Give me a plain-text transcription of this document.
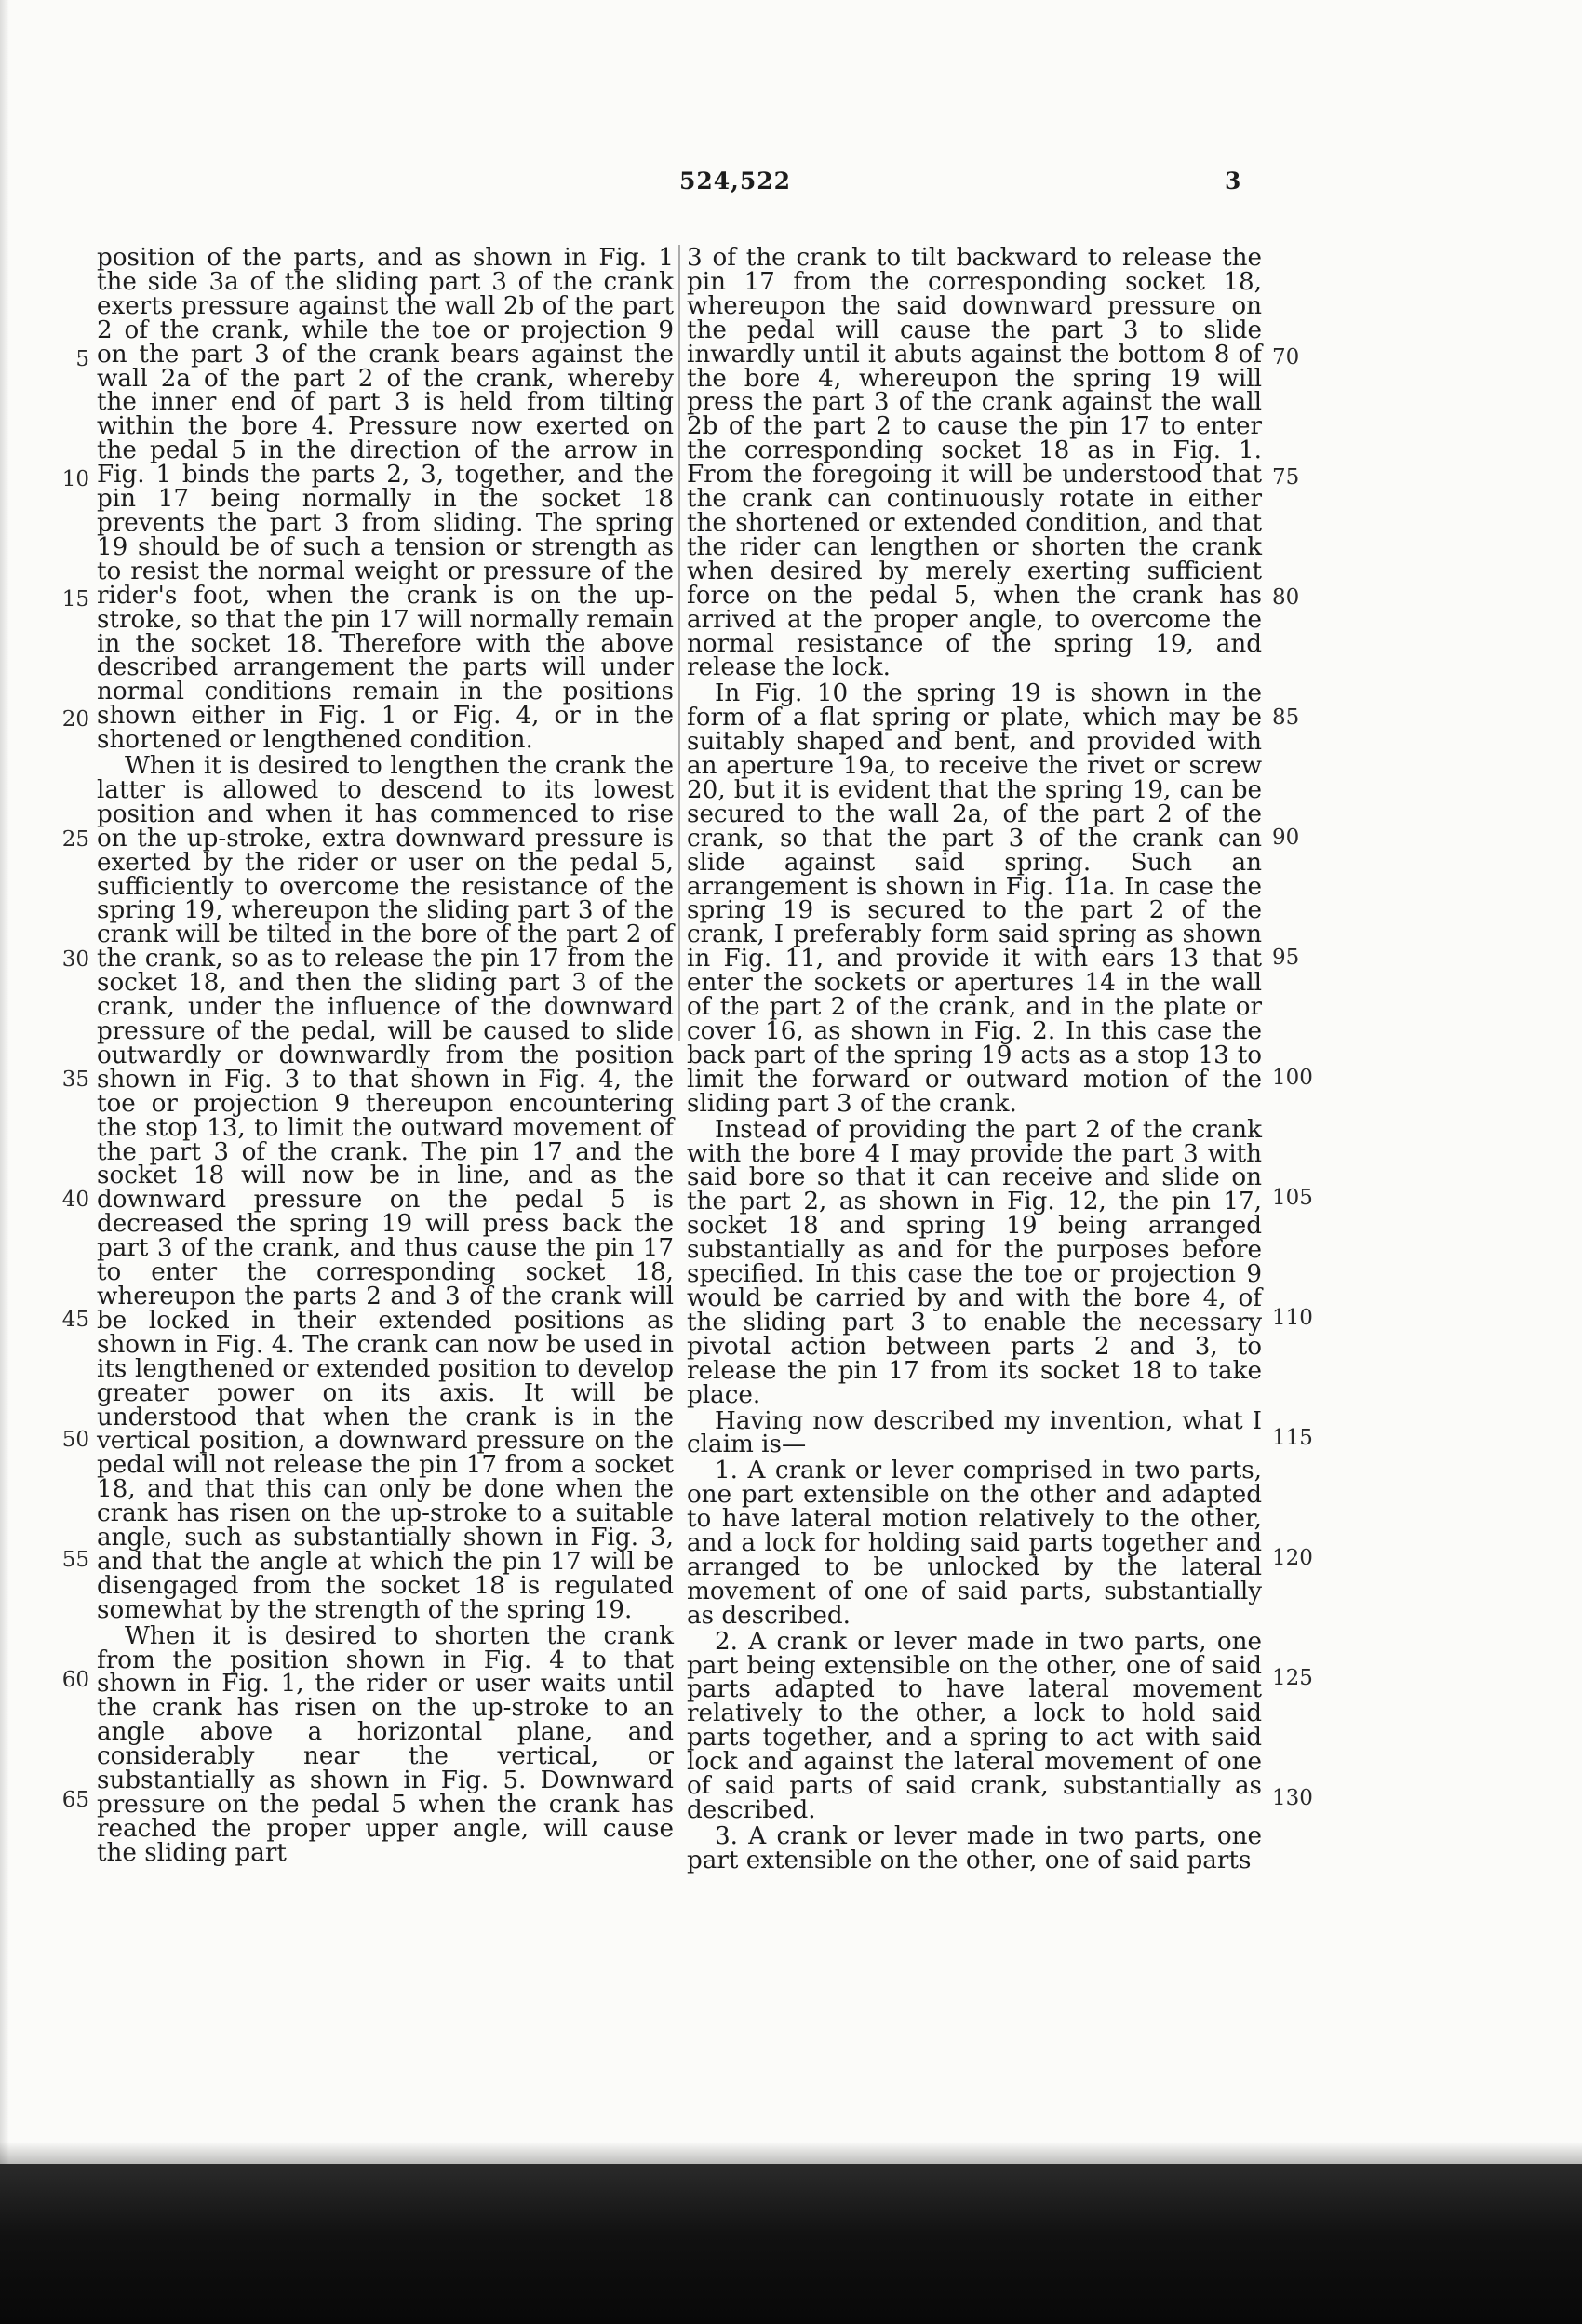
524,522	3

position of the parts, and as shown in Fig. 1 the side 3a of the sliding part 3 of the crank exerts pressure against the wall 2b of the part 2 of the crank, while the toe or projection 9 on the part 3 of the crank bears against the wall 2a of the part 2 of the crank, whereby the inner end of part 3 is held from tilting within the bore 4. Pressure now exerted on the pedal 5 in the direction of the arrow in Fig. 1 binds the parts 2, 3, together, and the pin 17 being normally in the socket 18 prevents the part 3 from sliding. The spring 19 should be of such a tension or strength as to resist the normal weight or pressure of the rider's foot, when the crank is on the up-stroke, so that the pin 17 will normally remain in the socket 18. Therefore with the above described arrangement the parts will under normal conditions remain in the positions shown either in Fig. 1 or Fig. 4, or in the shortened or lengthened condition.

When it is desired to lengthen the crank the latter is allowed to descend to its lowest position and when it has commenced to rise on the up-stroke, extra downward pressure is exerted by the rider or user on the pedal 5, sufficiently to overcome the resistance of the spring 19, whereupon the sliding part 3 of the crank will be tilted in the bore of the part 2 of the crank, so as to release the pin 17 from the socket 18, and then the sliding part 3 of the crank, under the influence of the downward pressure of the pedal, will be caused to slide outwardly or downwardly from the position shown in Fig. 3 to that shown in Fig. 4, the toe or projection 9 thereupon encountering the stop 13, to limit the outward movement of the part 3 of the crank. The pin 17 and the socket 18 will now be in line, and as the downward pressure on the pedal 5 is decreased the spring 19 will press back the part 3 of the crank, and thus cause the pin 17 to enter the corresponding socket 18, whereupon the parts 2 and 3 of the crank will be locked in their extended positions as shown in Fig. 4. The crank can now be used in its lengthened or extended position to develop greater power on its axis. It will be understood that when the crank is in the vertical position, a downward pressure on the pedal will not release the pin 17 from a socket 18, and that this can only be done when the crank has risen on the up-stroke to a suitable angle, such as substantially shown in Fig. 3, and that the angle at which the pin 17 will be disengaged from the socket 18 is regulated somewhat by the strength of the spring 19.

When it is desired to shorten the crank from the position shown in Fig. 4 to that shown in Fig. 1, the rider or user waits until the crank has risen on the up-stroke to an angle above a horizontal plane, and considerably near the vertical, or substantially as shown in Fig. 5. Downward pressure on the pedal 5 when the crank has reached the proper upper angle, will cause the sliding part

3 of the crank to tilt backward to release the pin 17 from the corresponding socket 18, whereupon the said downward pressure on the pedal will cause the part 3 to slide inwardly until it abuts against the bottom 8 of the bore 4, whereupon the spring 19 will press the part 3 of the crank against the wall 2b of the part 2 to cause the pin 17 to enter the corresponding socket 18 as in Fig. 1. From the foregoing it will be understood that the crank can continuously rotate in either the shortened or extended condition, and that the rider can lengthen or shorten the crank when desired by merely exerting sufficient force on the pedal 5, when the crank has arrived at the proper angle, to overcome the normal resistance of the spring 19, and release the lock.

In Fig. 10 the spring 19 is shown in the form of a flat spring or plate, which may be suitably shaped and bent, and provided with an aperture 19a, to receive the rivet or screw 20, but it is evident that the spring 19, can be secured to the wall 2a, of the part 2 of the crank, so that the part 3 of the crank can slide against said spring. Such an arrangement is shown in Fig. 11a. In case the spring 19 is secured to the part 2 of the crank, I preferably form said spring as shown in Fig. 11, and provide it with ears 13 that enter the sockets or apertures 14 in the wall of the part 2 of the crank, and in the plate or cover 16, as shown in Fig. 2. In this case the back part of the spring 19 acts as a stop 13 to limit the forward or outward motion of the sliding part 3 of the crank.

Instead of providing the part 2 of the crank with the bore 4 I may provide the part 3 with said bore so that it can receive and slide on the part 2, as shown in Fig. 12, the pin 17, socket 18 and spring 19 being arranged substantially as and for the purposes before specified. In this case the toe or projection 9 would be carried by and with the bore 4, of the sliding part 3 to enable the necessary pivotal action between parts 2 and 3, to release the pin 17 from its socket 18 to take place.

Having now described my invention, what I claim is—

1. A crank or lever comprised in two parts, one part extensible on the other and adapted to have lateral motion relatively to the other, and a lock for holding said parts together and arranged to be unlocked by the lateral movement of one of said parts, substantially as described.

2. A crank or lever made in two parts, one part being extensible on the other, one of said parts adapted to have lateral movement relatively to the other, a lock to hold said parts together, and a spring to act with said lock and against the lateral movement of one of said parts of said crank, substantially as described.

3. A crank or lever made in two parts, one part extensible on the other, one of said parts

5
10
15
20
25
30
35
40
45
50
55
60
65
70
75
80
85
90
95
100
105
110
115
120
125
130
